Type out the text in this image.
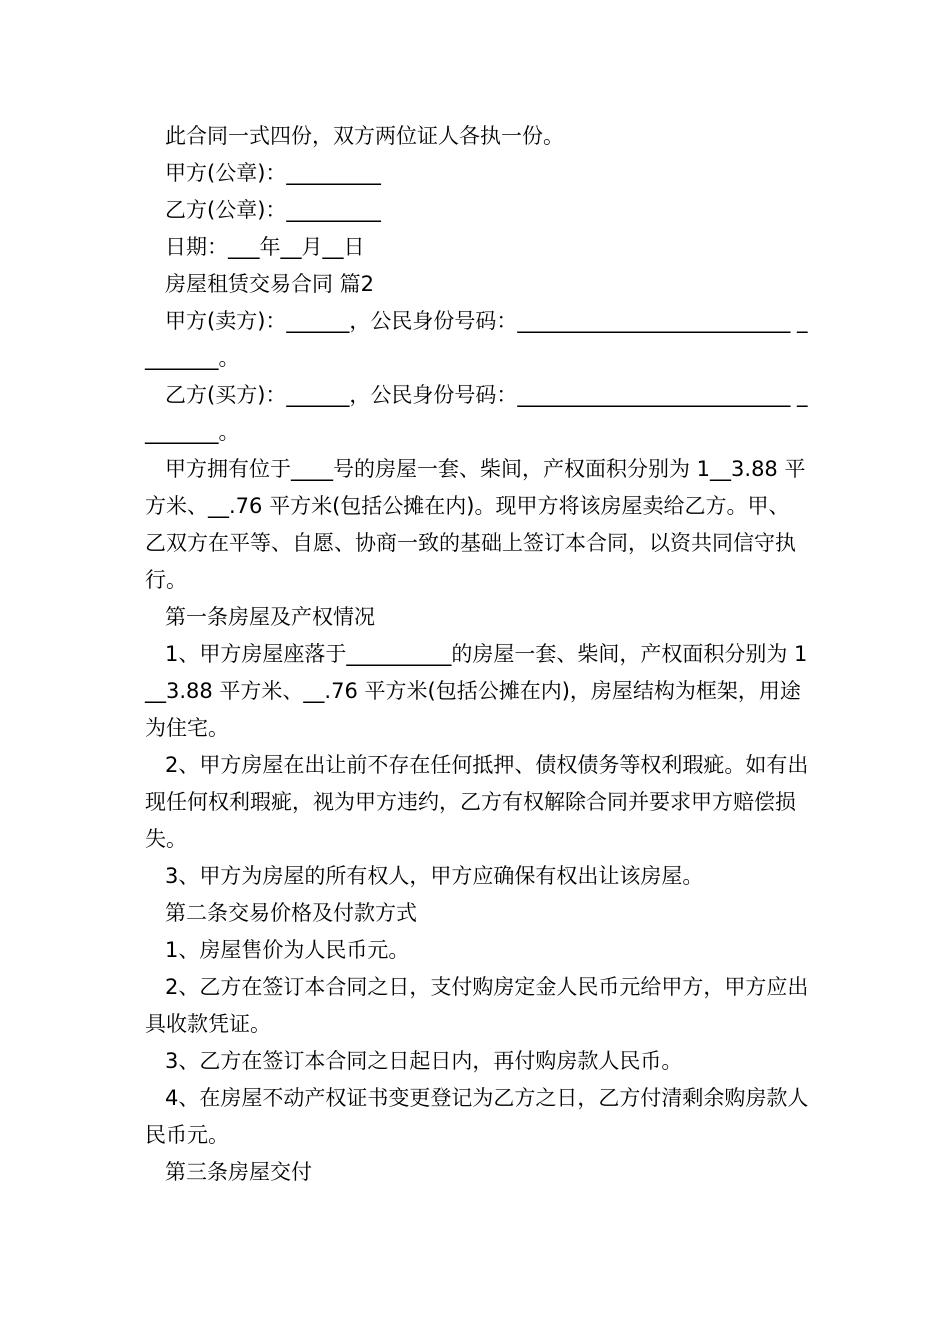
此合同一式四份，双方两位证人各执一份。

甲方(公章)：_________

乙方(公章)：_________

日期：___年__月__日

房屋租赁交易合同 篇2

甲方(卖方)：______，公民身份号码：__________________________ ________。

乙方(买方)：______，公民身份号码：__________________________ ________。

甲方拥有位于____号的房屋一套、柴间，产权面积分别为 1__3.88 平方米、__.76 平方米(包括公摊在内)。现甲方将该房屋卖给乙方。甲、乙双方在平等、自愿、协商一致的基础上签订本合同，以资共同信守执行。

第一条房屋及产权情况

1、甲方房屋座落于__________的房屋一套、柴间，产权面积分别为 1__3.88 平方米、__.76 平方米(包括公摊在内)，房屋结构为框架，用途为住宅。

2、甲方房屋在出让前不存在任何抵押、债权债务等权利瑕疵。如有出现任何权利瑕疵，视为甲方违约，乙方有权解除合同并要求甲方赔偿损失。

3、甲方为房屋的所有权人，甲方应确保有权出让该房屋。

第二条交易价格及付款方式

1、房屋售价为人民币元。

2、乙方在签订本合同之日，支付购房定金人民币元给甲方，甲方应出具收款凭证。

3、乙方在签订本合同之日起日内，再付购房款人民币。

4、在房屋不动产权证书变更登记为乙方之日，乙方付清剩余购房款人民币元。

第三条房屋交付
